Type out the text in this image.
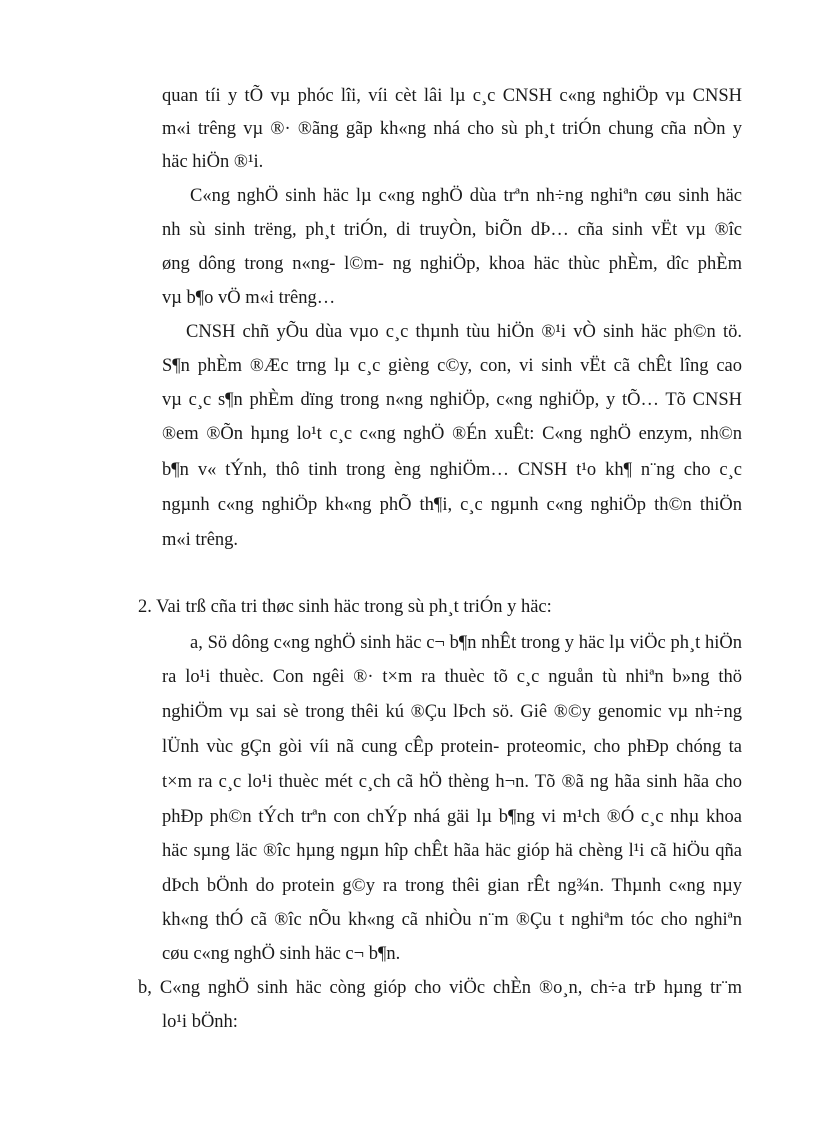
quan tíi y tÕ vµ phóc lîi, víi cèt lâi lµ c¸c CNSH c«ng nghiÖp vµ CNSH
m«i trêng vµ ®· ®ãng gãp kh«ng nhá cho sù ph¸t triÓn chung cña nÒn y
häc hiÖn ®¹i.
C«ng nghÖ sinh häc lµ c«ng nghÖ dùa trªn nh÷ng nghiªn cøu sinh häc
nh sù sinh trëng, ph¸t triÓn, di truyÒn, biÕn dÞ… cña sinh vËt vµ ®îc
øng dông trong n«ng- l©m- ng nghiÖp, khoa häc thùc phÈm, dîc phÈm
vµ b¶o vÖ m«i trêng…
CNSH chñ yÕu dùa vµo c¸c thµnh tùu hiÖn ®¹i vÒ sinh häc ph©n tö.
S¶n phÈm ®Æc trng lµ c¸c gièng c©y, con, vi sinh vËt cã chÊt lîng cao
vµ c¸c s¶n phÈm dïng trong n«ng nghiÖp, c«ng nghiÖp, y tÕ… Tõ CNSH
®em ®Õn hµng lo¹t c¸c c«ng nghÖ ®Én xuÊt: C«ng nghÖ enzym, nh©n
b¶n v« tÝnh, thô tinh trong èng nghiÖm… CNSH t¹o kh¶ n¨ng cho c¸c
ngµnh c«ng nghiÖp kh«ng phÕ th¶i, c¸c ngµnh c«ng nghiÖp th©n thiÖn
m«i trêng.
2. Vai trß cña tri thøc sinh häc trong sù ph¸t triÓn y häc:
a, Sö dông c«ng nghÖ sinh häc c¬ b¶n nhÊt trong y häc lµ viÖc ph¸t hiÖn
ra lo¹i thuèc. Con ngêi ®· t×m ra thuèc tõ c¸c nguån tù nhiªn b»ng thö
nghiÖm vµ sai sè trong thêi kú ®Çu lÞch sö. Giê ®©y genomic vµ nh÷ng
lÜnh vùc gÇn gòi víi nã cung cÊp protein- proteomic, cho phÐp chóng ta
t×m ra c¸c lo¹i thuèc mét c¸ch cã hÖ thèng h¬n. Tõ ®ã ng hãa sinh hãa cho
phÐp ph©n tÝch trªn con chÝp nhá gäi lµ b¶ng vi m¹ch ®Ó c¸c nhµ khoa
häc sµng läc ®îc hµng ngµn hîp chÊt hãa häc gióp hä chèng l¹i cã hiÖu qña
dÞch bÖnh do protein g©y ra trong thêi gian rÊt ng¾n. Thµnh c«ng nµy
kh«ng thÓ cã ®îc nÕu kh«ng cã nhiÒu n¨m ®Çu t nghiªm tóc cho nghiªn
cøu c«ng nghÖ sinh häc c¬ b¶n.
b, C«ng nghÖ sinh häc còng gióp cho viÖc chÈn ®o¸n, ch÷a trÞ hµng tr¨m
lo¹i bÖnh:
